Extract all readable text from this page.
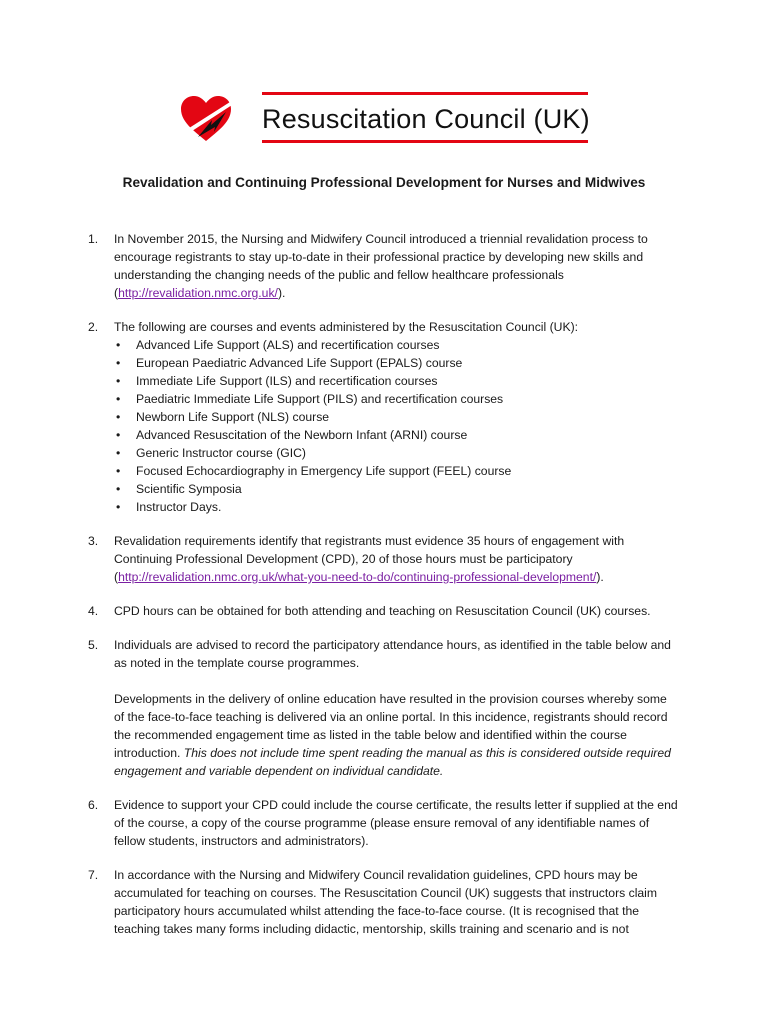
Resuscitation Council (UK)
Revalidation and Continuing Professional Development for Nurses and Midwives
1. In November 2015, the Nursing and Midwifery Council introduced a triennial revalidation process to encourage registrants to stay up-to-date in their professional practice by developing new skills and understanding the changing needs of the public and fellow healthcare professionals (http://revalidation.nmc.org.uk/).

2. The following are courses and events administered by the Resuscitation Council (UK):

• Advanced Life Support (ALS) and recertification courses
• European Paediatric Advanced Life Support (EPALS) course
• Immediate Life Support (ILS) and recertification courses
• Paediatric Immediate Life Support (PILS) and recertification courses
• Newborn Life Support (NLS) course
• Advanced Resuscitation of the Newborn Infant (ARNI) course
• Generic Instructor course (GIC)
• Focused Echocardiography in Emergency Life support (FEEL) course
• Scientific Symposia
• Instructor Days.
3. Revalidation requirements identify that registrants must evidence 35 hours of engagement with Continuing Professional Development (CPD), 20 of those hours must be participatory (http://revalidation.nmc.org.uk/what-you-need-to-do/continuing-professional-development/).

4. CPD hours can be obtained for both attending and teaching on Resuscitation Council (UK) courses.

5. Individuals are advised to record the participatory attendance hours, as identified in the table below and as noted in the template course programmes.

Developments in the delivery of online education have resulted in the provision courses whereby some of the face-to-face teaching is delivered via an online portal. In this incidence, registrants should record the recommended engagement time as listed in the table below and identified within the course introduction. This does not include time spent reading the manual as this is considered outside required engagement and variable dependent on individual candidate.

6. Evidence to support your CPD could include the course certificate, the results letter if supplied at the end of the course, a copy of the course programme (please ensure removal of any identifiable names of fellow students, instructors and administrators).

7. In accordance with the Nursing and Midwifery Council revalidation guidelines, CPD hours may be accumulated for teaching on courses. The Resuscitation Council (UK) suggests that instructors claim participatory hours accumulated whilst attending the face-to-face course. (It is recognised that the teaching takes many forms including didactic, mentorship, skills training and scenario and is not
